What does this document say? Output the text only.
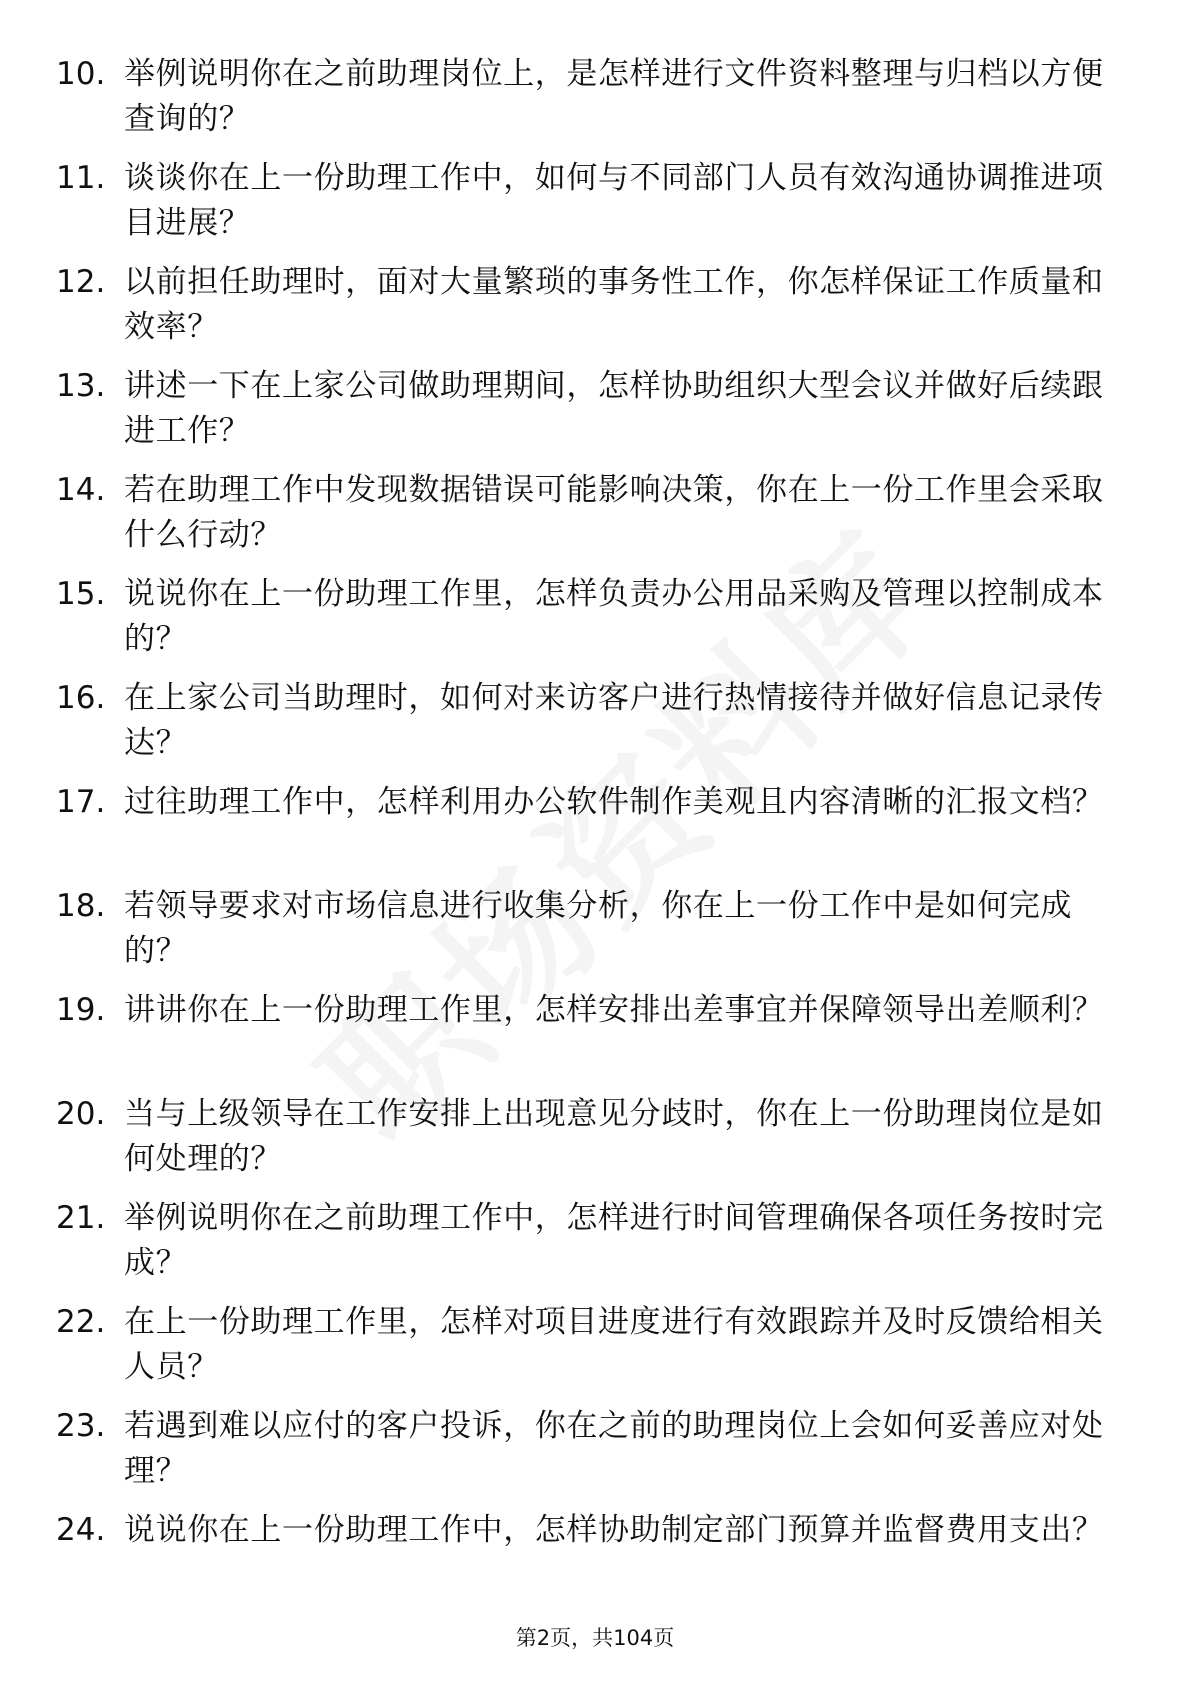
10. 举例说明你在之前助理岗位上，是怎样进行文件资料整理与归档以方便查询的？
11. 谈谈你在上一份助理工作中，如何与不同部门人员有效沟通协调推进项目进展？
12. 以前担任助理时，面对大量繁琐的事务性工作，你怎样保证工作质量和效率？
13. 讲述一下在上家公司做助理期间，怎样协助组织大型会议并做好后续跟进工作？
14. 若在助理工作中发现数据错误可能影响决策，你在上一份工作里会采取什么行动？
15. 说说你在上一份助理工作里，怎样负责办公用品采购及管理以控制成本的？
16. 在上家公司当助理时，如何对来访客户进行热情接待并做好信息记录传达？
17. 过往助理工作中，怎样利用办公软件制作美观且内容清晰的汇报文档？
18. 若领导要求对市场信息进行收集分析，你在上一份工作中是如何完成的？
19. 讲讲你在上一份助理工作里，怎样安排出差事宜并保障领导出差顺利？
20. 当与上级领导在工作安排上出现意见分歧时，你在上一份助理岗位是如何处理的？
21. 举例说明你在之前助理工作中，怎样进行时间管理确保各项任务按时完成？
22. 在上一份助理工作里，怎样对项目进度进行有效跟踪并及时反馈给相关人员？
23. 若遇到难以应付的客户投诉，你在之前的助理岗位上会如何妥善应对处理？
24. 说说你在上一份助理工作中，怎样协助制定部门预算并监督费用支出？
第2页，共104页
